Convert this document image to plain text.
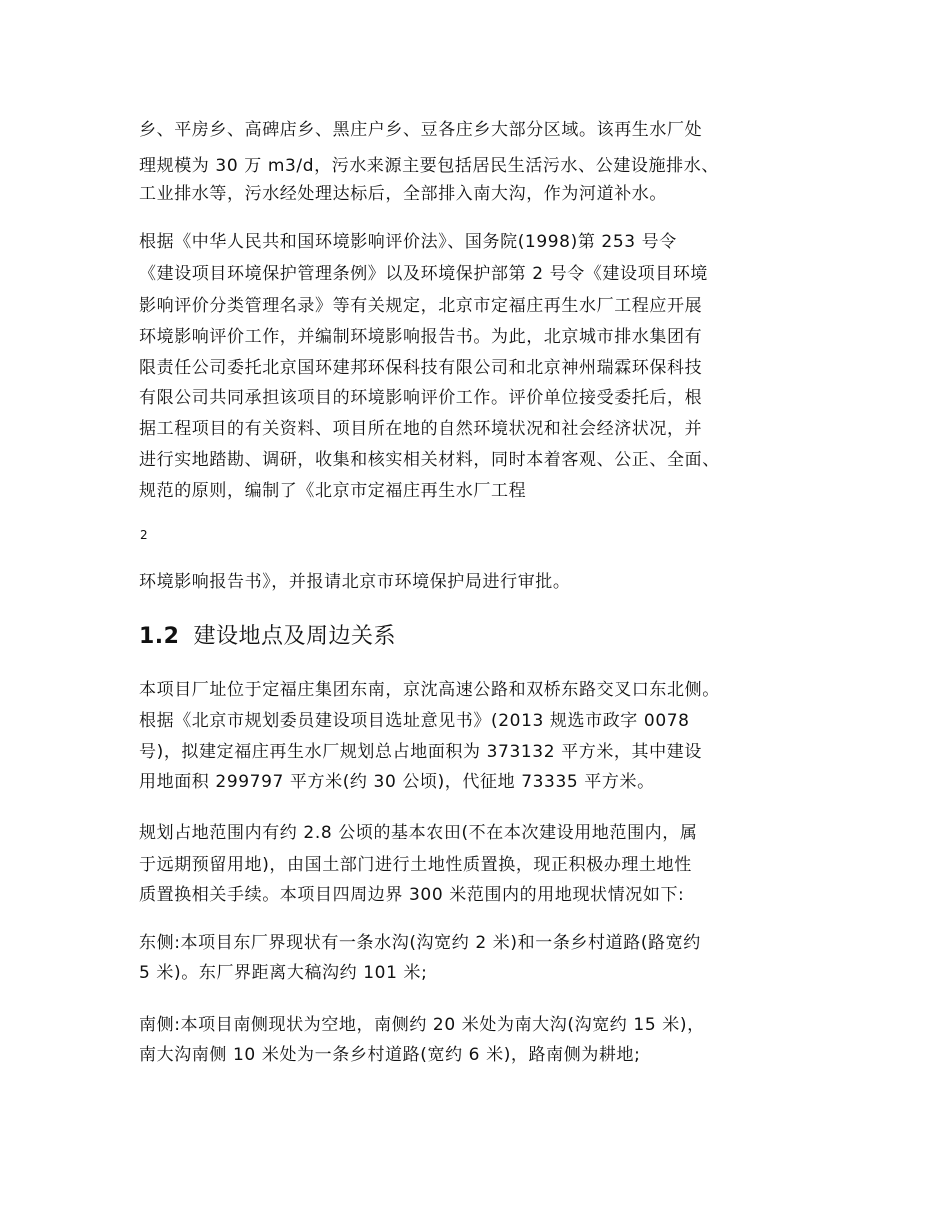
乡、平房乡、高碑店乡、黑庄户乡、豆各庄乡大部分区域。该再生水厂处
理规模为 30 万 m3/d，污水来源主要包括居民生活污水、公建设施排水、
工业排水等，污水经处理达标后，全部排入南大沟，作为河道补水。
根据《中华人民共和国环境影响评价法》、国务院(1998)第 253 号令
《建设项目环境保护管理条例》以及环境保护部第 2 号令《建设项目环境
影响评价分类管理名录》等有关规定，北京市定福庄再生水厂工程应开展
环境影响评价工作，并编制环境影响报告书。为此，北京城市排水集团有
限责任公司委托北京国环建邦环保科技有限公司和北京神州瑞霖环保科技
有限公司共同承担该项目的环境影响评价工作。评价单位接受委托后，根
据工程项目的有关资料、项目所在地的自然环境状况和社会经济状况，并
进行实地踏勘、调研，收集和核实相关材料，同时本着客观、公正、全面、
规范的原则，编制了《北京市定福庄再生水厂工程
2
环境影响报告书》，并报请北京市环境保护局进行审批。
1.2 建设地点及周边关系
本项目厂址位于定福庄集团东南，京沈高速公路和双桥东路交叉口东北侧。
根据《北京市规划委员建设项目选址意见书》(2013 规选市政字 0078
号)，拟建定福庄再生水厂规划总占地面积为 373132 平方米，其中建设
用地面积 299797 平方米(约 30 公顷)，代征地 73335 平方米。
规划占地范围内有约 2.8 公顷的基本农田(不在本次建设用地范围内，属
于远期预留用地)，由国土部门进行土地性质置换，现正积极办理土地性
质置换相关手续。本项目四周边界 300 米范围内的用地现状情况如下:
东侧:本项目东厂界现状有一条水沟(沟宽约 2 米)和一条乡村道路(路宽约
5 米)。东厂界距离大稿沟约 101 米;
南侧:本项目南侧现状为空地，南侧约 20 米处为南大沟(沟宽约 15 米)，
南大沟南侧 10 米处为一条乡村道路(宽约 6 米)，路南侧为耕地;
